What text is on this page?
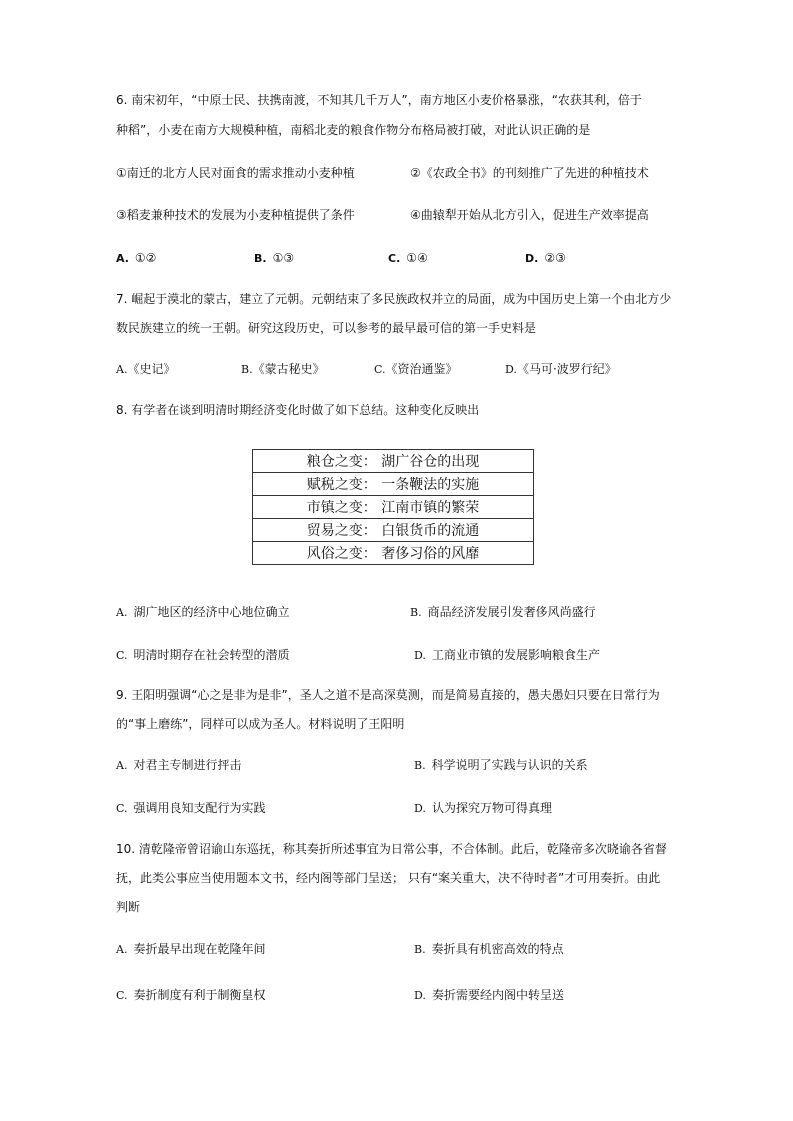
6. 南宋初年，“中原士民、扶携南渡，不知其几千万人”，南方地区小麦价格暴涨，“农获其利，倍于
种稻”，小麦在南方大规模种植，南稻北麦的粮食作物分布格局被打破，对此认识正确的是
①南迁的北方人民对面食的需求推动小麦种植	②《农政全书》的刊刻推广了先进的种植技术
③稻麦兼种技术的发展为小麦种植提供了条件	④曲辕犁开始从北方引入，促进生产效率提高
A. ①②	B. ①③	C. ①④	D. ②③
7. 崛起于漠北的蒙古，建立了元朝。元朝结束了多民族政权并立的局面，成为中国历史上第一个由北方少
数民族建立的统一王朝。研究这段历史，可以参考的最早最可信的第一手史料是
A.《史记》	B.《蒙古秘史》	C.《资治通鉴》	D.《马可·波罗行纪》
8. 有学者在谈到明清时期经济变化时做了如下总结。这种变化反映出
粮仓之变： 湖广谷仓的出现
赋税之变： 一条鞭法的实施
市镇之变： 江南市镇的繁荣
贸易之变： 白银货币的流通
风俗之变： 奢侈习俗的风靡
A. 湖广地区的经济中心地位确立	B. 商品经济发展引发奢侈风尚盛行
C. 明清时期存在社会转型的潜质	D. 工商业市镇的发展影响粮食生产
9. 王阳明强调“心之是非为是非”，圣人之道不是高深莫测，而是简易直接的，愚夫愚妇只要在日常行为
的“事上磨练”，同样可以成为圣人。材料说明了王阳明
A. 对君主专制进行抨击	B. 科学说明了实践与认识的关系
C. 强调用良知支配行为实践	D. 认为探究万物可得真理
10. 清乾隆帝曾诏谕山东巡抚，称其奏折所述事宜为日常公事，不合体制。此后，乾隆帝多次晓谕各省督
抚，此类公事应当使用题本文书，经内阁等部门呈送； 只有“案关重大，决不待时者”才可用奏折。由此
判断
A. 奏折最早出现在乾隆年间	B. 奏折具有机密高效的特点
C. 奏折制度有利于制衡皇权	D. 奏折需要经内阁中转呈送
